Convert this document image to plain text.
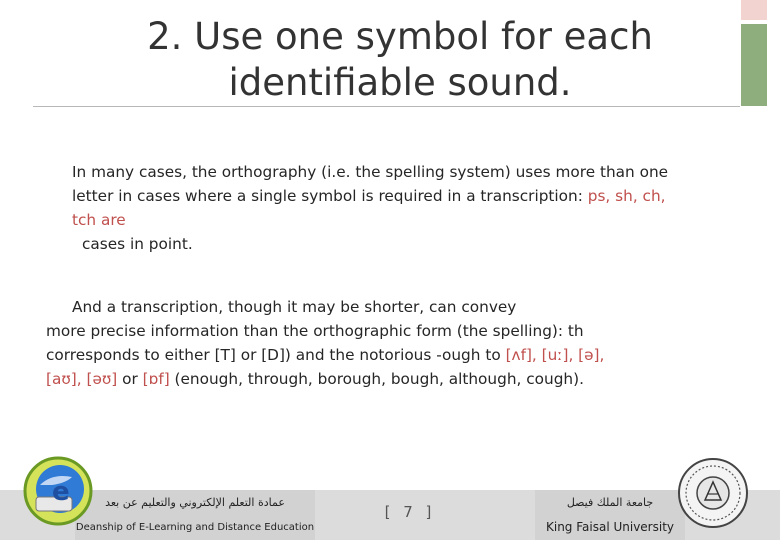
2. Use one symbol for each
identifiable sound.
In many cases, the orthography (i.e. the spelling system) uses more than one
letter in cases where a single symbol is required in a transcription: ps, sh, ch,
tch are
cases in point.
And a transcription, though it may be shorter, can convey
more precise information than the orthographic form (the spelling): th
corresponds to either [T] or [D]) and the notorious -ough to [ʌf], [uː], [ə],
[aʊ], [əʊ] or [ɒf] (enough, through, borough, bough, although, cough).
عمادة التعلم الإلكتروني والتعليم عن بعد
Deanship of E-Learning and Distance Education
[ 7 ]
جامعة الملك فيصل
King Faisal University
e
